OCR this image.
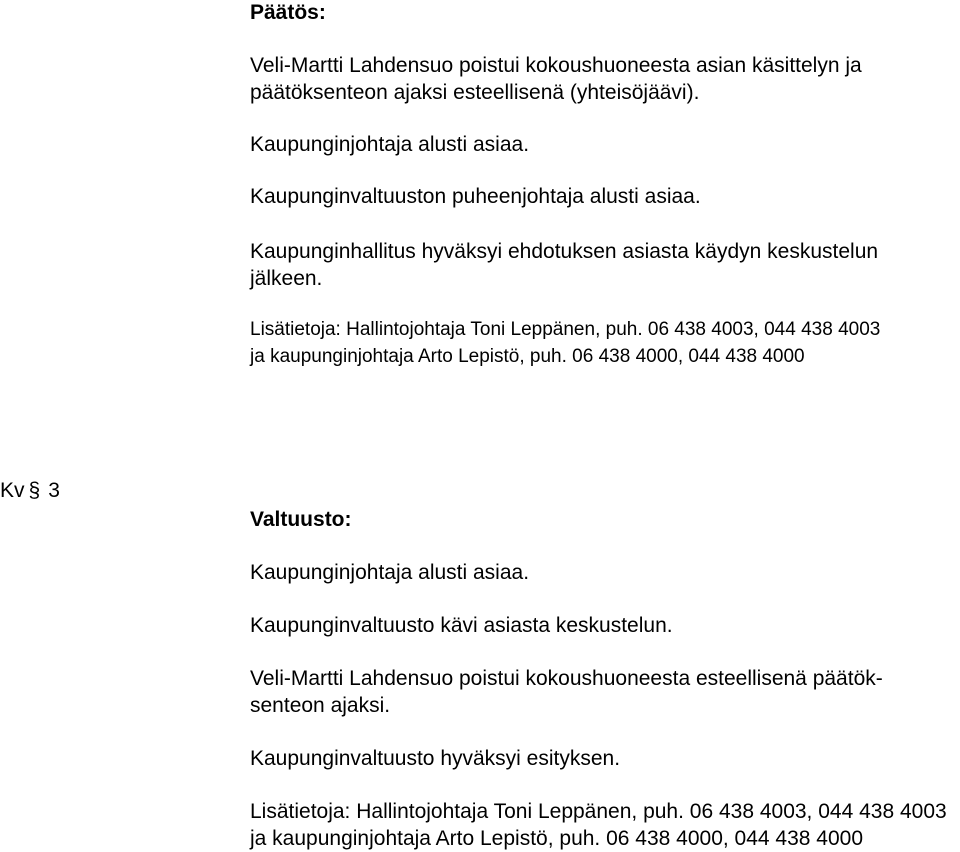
Päätös:
Veli-Martti Lahdensuo poistui kokoushuoneesta asian käsittelyn ja
päätöksenteon ajaksi esteellisenä (yhteisöjäävi).
Kaupunginjohtaja alusti asiaa.
Kaupunginvaltuuston puheenjohtaja alusti asiaa.
Kaupunginhallitus hyväksyi ehdotuksen asiasta käydyn keskustelun
jälkeen.
Lisätietoja: Hallintojohtaja Toni Leppänen, puh. 06 438 4003, 044 438 4003
ja kaupunginjohtaja Arto Lepistö, puh. 06 438 4000, 044 438 4000
Kv § 3
Valtuusto:
Kaupunginjohtaja alusti asiaa.
Kaupunginvaltuusto kävi asiasta keskustelun.
Veli-Martti Lahdensuo poistui kokoushuoneesta esteellisenä päätök-
senteon ajaksi.
Kaupunginvaltuusto hyväksyi esityksen.
Lisätietoja: Hallintojohtaja Toni Leppänen, puh. 06 438 4003, 044 438 4003
ja kaupunginjohtaja Arto Lepistö, puh. 06 438 4000, 044 438 4000
